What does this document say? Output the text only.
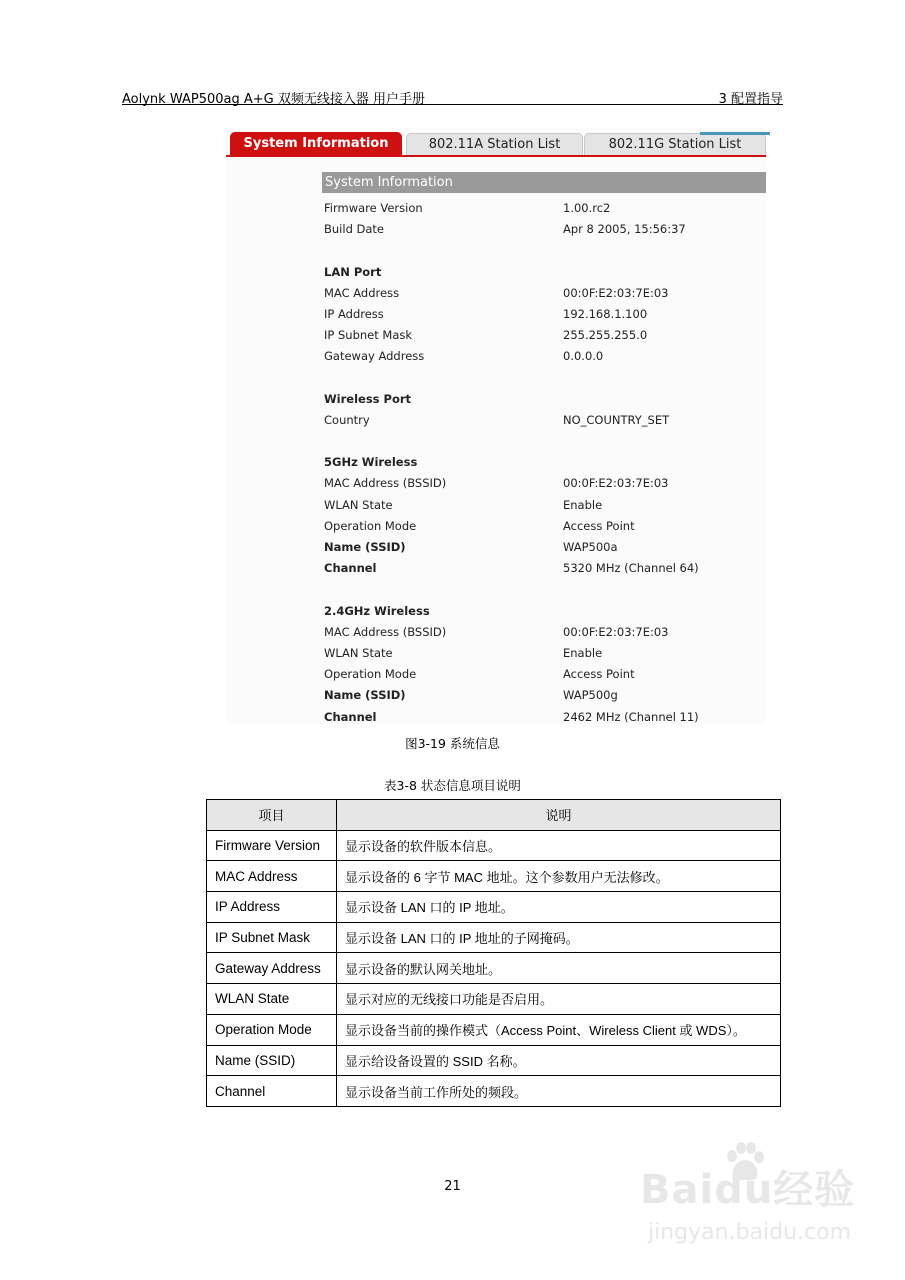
Aolynk WAP500ag A+G 双频无线接入器 用户手册	3 配置指导
System Information	802.11A Station List	802.11G Station List
System Information
Firmware Version	1.00.rc2
Build Date	Apr 8 2005, 15:56:37
LAN Port
MAC Address	00:0F:E2:03:7E:03
IP Address	192.168.1.100
IP Subnet Mask	255.255.255.0
Gateway Address	0.0.0.0
Wireless Port
Country	NO_COUNTRY_SET
5GHz Wireless
MAC Address (BSSID)	00:0F:E2:03:7E:03
WLAN State	Enable
Operation Mode	Access Point
Name (SSID)	WAP500a
Channel	5320 MHz (Channel 64)
2.4GHz Wireless
MAC Address (BSSID)	00:0F:E2:03:7E:03
WLAN State	Enable
Operation Mode	Access Point
Name (SSID)	WAP500g
Channel	2462 MHz (Channel 11)
图3-19 系统信息
表3-8 状态信息项目说明
项目	说明
Firmware Version	显示设备的软件版本信息。
MAC Address	显示设备的 6 字节 MAC 地址。这个参数用户无法修改。
IP Address	显示设备 LAN 口的 IP 地址。
IP Subnet Mask	显示设备 LAN 口的 IP 地址的子网掩码。
Gateway Address	显示设备的默认网关地址。
WLAN State	显示对应的无线接口功能是否启用。
Operation Mode	显示设备当前的操作模式（Access Point、Wireless Client 或 WDS）。
Name (SSID)	显示给设备设置的 SSID 名称。
Channel	显示设备当前工作所处的频段。
21	Baidu经验
jingyan.baidu.com
